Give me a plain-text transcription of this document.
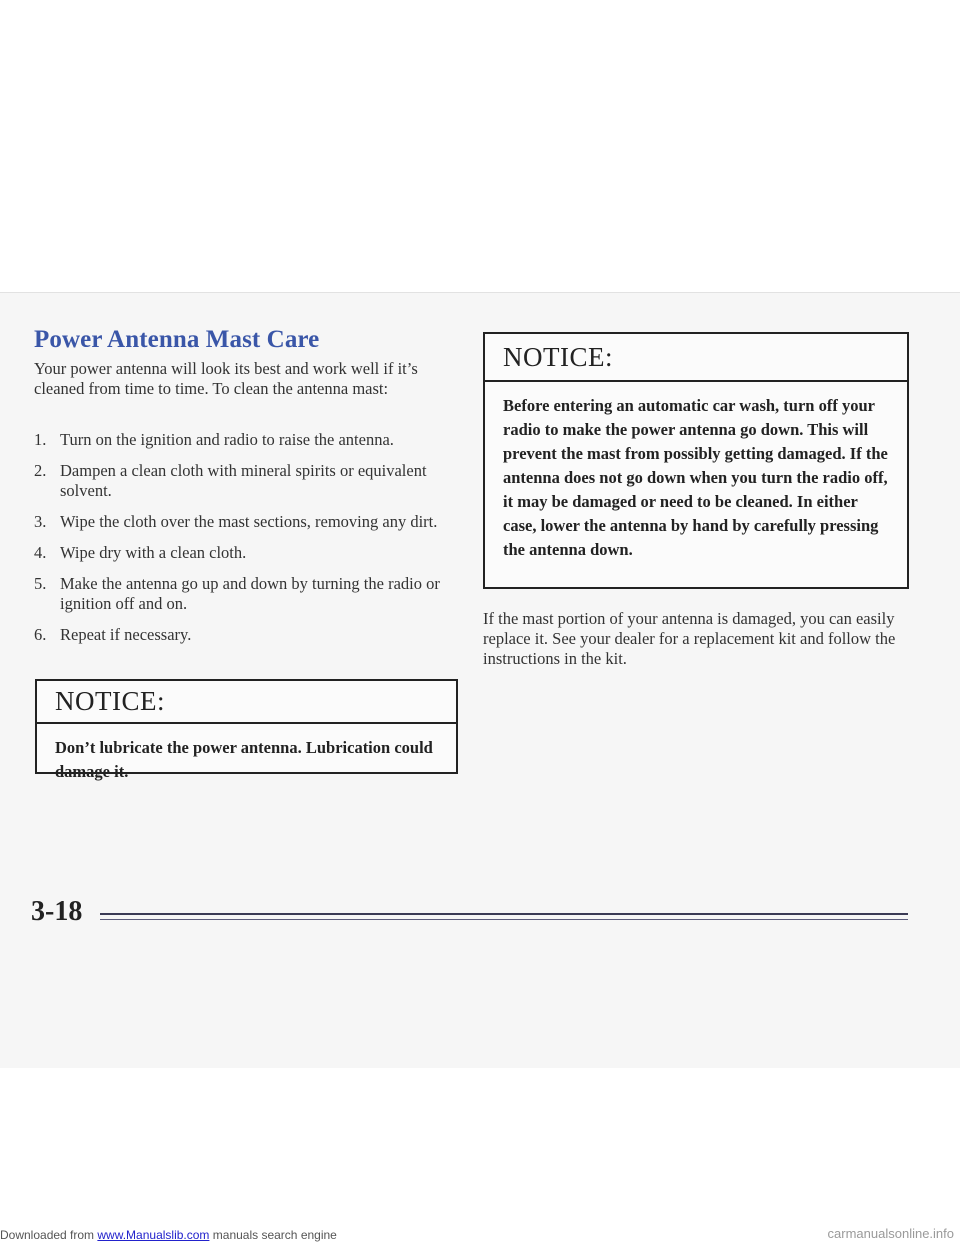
Power Antenna Mast Care

Your power antenna will look its best and work well if it’s cleaned from time to time. To clean the antenna mast:

1. Turn on the ignition and radio to raise the antenna.
2. Dampen a clean cloth with mineral spirits or equivalent solvent.
3. Wipe the cloth over the mast sections, removing any dirt.
4. Wipe dry with a clean cloth.
5. Make the antenna go up and down by turning the radio or ignition off and on.
6. Repeat if necessary.
NOTICE:
Don’t lubricate the power antenna. Lubrication could damage it.
NOTICE:
Before entering an automatic car wash, turn off your radio to make the power antenna go down. This will prevent the mast from possibly getting damaged. If the antenna does not go down when you turn the radio off, it may be damaged or need to be cleaned. In either case, lower the antenna by hand by carefully pressing the antenna down.

If the mast portion of your antenna is damaged, you can easily replace it. See your dealer for a replacement kit and follow the instructions in the kit.

3-18

Downloaded from www.Manualslib.com manuals search engine	carmanualsonline.info
